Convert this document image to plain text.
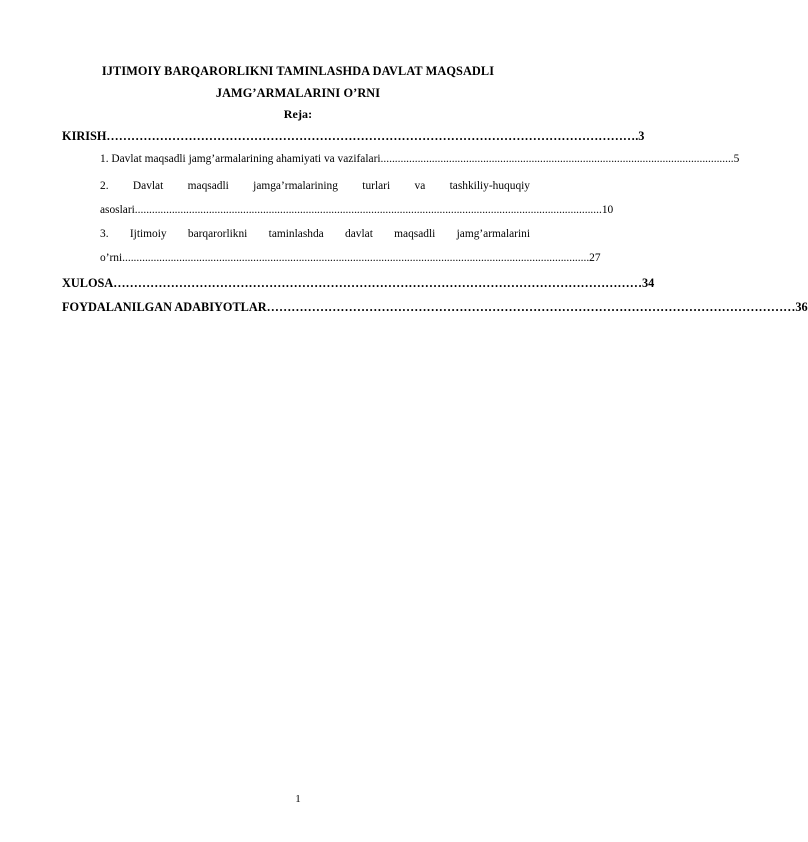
IJTIMOIY BARQARORLIKNI TAMINLASHDA DAVLAT MAQSADLI
JAMG’ARMALARINI O’RNI
Reja:
KIRISH ………………………………………………………………………………………………………………… .3
1. Davlat maqsadli jamg’armalarining ahamiyati va vazifalari ............................................................................................................................ 5
2. Davlat maqsadli jamga’rmalarining turlari va tashkiliy-huquqiy
asoslari .................................................................................................................................................................... 10
3. Ijtimoiy barqarorlikni taminlashda davlat maqsadli jamg’armalarini
o’rni .................................................................................................................................................................... 27
XULOSA ………………………………………………………………………………………………………………… 34
FOYDALANILGAN ADABIYOTLAR ………………………………………………………………………………………………………………… 36
1
